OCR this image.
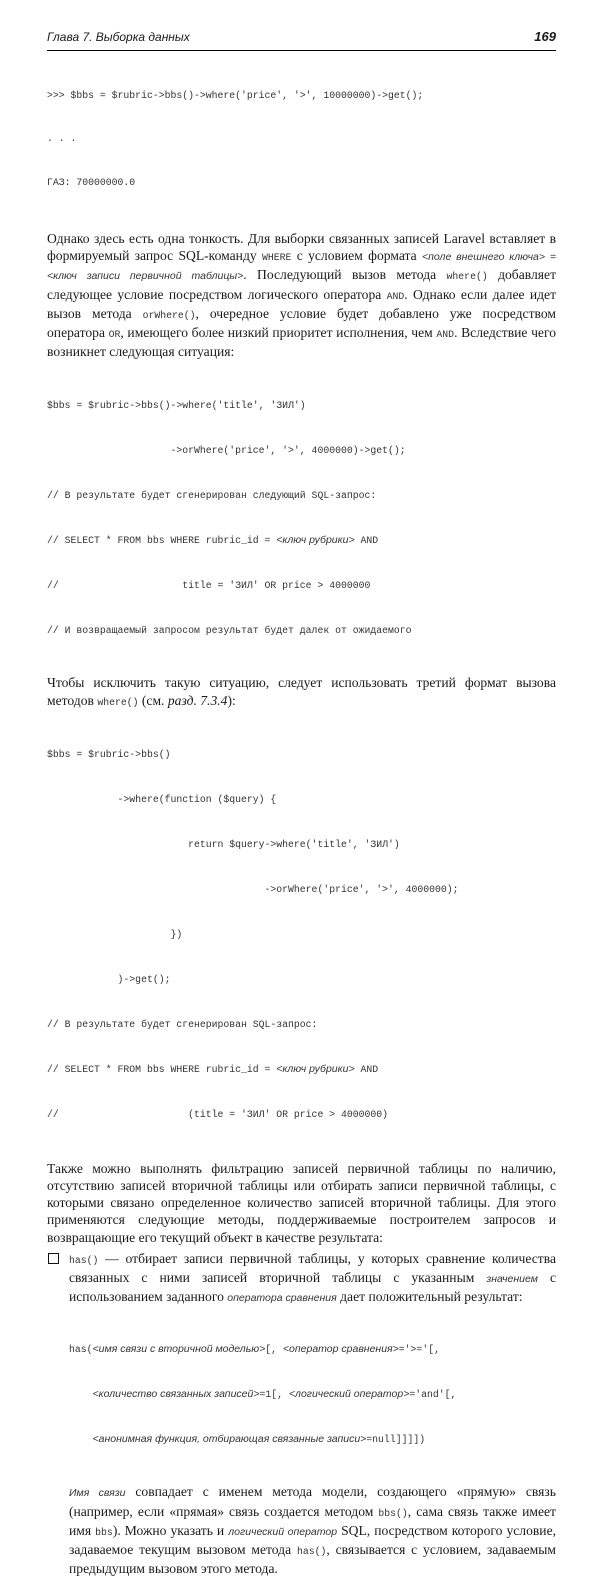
Глава 7. Выборка данных	169

>>> $bbs = $rubric->bbs()->where('price', '>', 10000000)->get();

. . .

ГАЗ: 70000000.0

Однако здесь есть одна тонкость. Для выборки связанных записей Laravel вставляет в формируемый запрос SQL-команду WHERE с условием формата <поле внешнего ключа> = <ключ записи первичной таблицы>. Последующий вызов метода where() добавляет следующее условие посредством логического оператора AND. Однако если далее идет вызов метода orWhere(), очередное условие будет добавлено уже посредством оператора OR, имеющего более низкий приоритет исполнения, чем AND. Вследствие чего возникнет следующая ситуация:

$bbs = $rubric->bbs()->where('title', 'ЗИЛ')

->orWhere('price', '>', 4000000)->get();

// В результате будет сгенерирован следующий SQL-запрос:

// SELECT * FROM bbs WHERE rubric_id = <ключ рубрики> AND

//                     title = 'ЗИЛ' OR price > 4000000

// И возвращаемый запросом результат будет далек от ожидаемого

Чтобы исключить такую ситуацию, следует использовать третий формат вызова методов where() (см. разд. 7.3.4):

$bbs = $rubric->bbs()

->where(function ($query) {

return $query->where('title', 'ЗИЛ')

->orWhere('price', '>', 4000000);

})

)->get();

// В результате будет сгенерирован SQL-запрос:

// SELECT * FROM bbs WHERE rubric_id = <ключ рубрики> AND

//                      (title = 'ЗИЛ' OR price > 4000000)

Также можно выполнять фильтрацию записей первичной таблицы по наличию, отсутствию записей вторичной таблицы или отбирать записи первичной таблицы, с которыми связано определенное количество записей вторичной таблицы. Для этого применяются следующие методы, поддерживаемые построителем запросов и возвращающие его текущий объект в качестве результата:

has() — отбирает записи первичной таблицы, у которых сравнение количества связанных с ними записей вторичной таблицы с указанным значением с использованием заданного оператора сравнения дает положительный результат:

has(<имя связи с вторичной моделью>[, <оператор сравнения>='>='[,

<количество связанных записей>=1[, <логический оператор>='and'[,

<анонимная функция, отбирающая связанные записи>=null]]]])

Имя связи совпадает с именем метода модели, создающего «прямую» связь (например, если «прямая» связь создается методом bbs(), сама связь также имеет имя bbs). Можно указать и логический оператор SQL, посредством которого условие, задаваемое текущим вызовом метода has(), связывается с условием, задаваемым предыдущим вызовом этого метода.
